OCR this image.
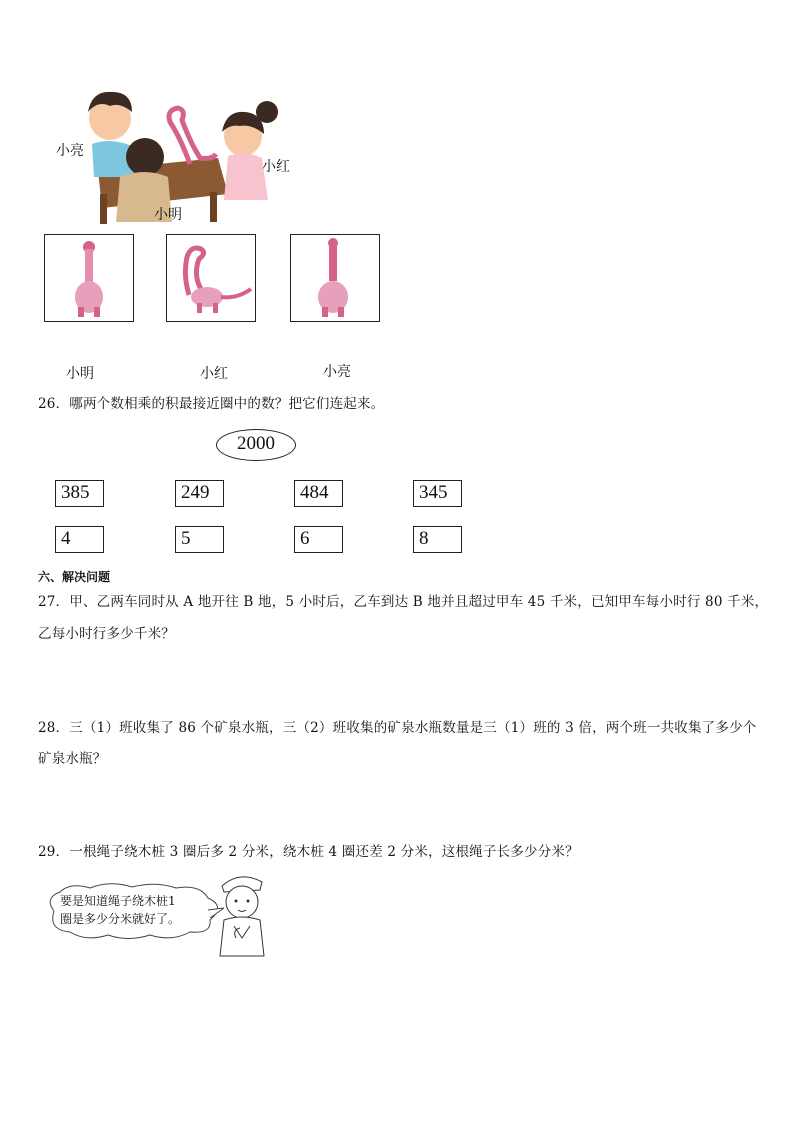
小亮
小红
小明
小明	小红	小亮
26．哪两个数相乘的积最接近圈中的数？把它们连起来。
2000
385	249	484	345
4	5	6	8
六、解决问题
27．甲、乙两车同时从 A 地开往 B 地，5 小时后，乙车到达 B 地并且超过甲车 45 千米，已知甲车每小时行 80 千米，
乙每小时行多少千米？
28．三（1）班收集了 86 个矿泉水瓶，三（2）班收集的矿泉水瓶数量是三（1）班的 3 倍，两个班一共收集了多少个
矿泉水瓶？
29．一根绳子绕木桩 3 圈后多 2 分米，绕木桩 4 圈还差 2 分米，这根绳子长多少分米？
要是知道绳子绕木桩1
圈是多少分米就好了。
